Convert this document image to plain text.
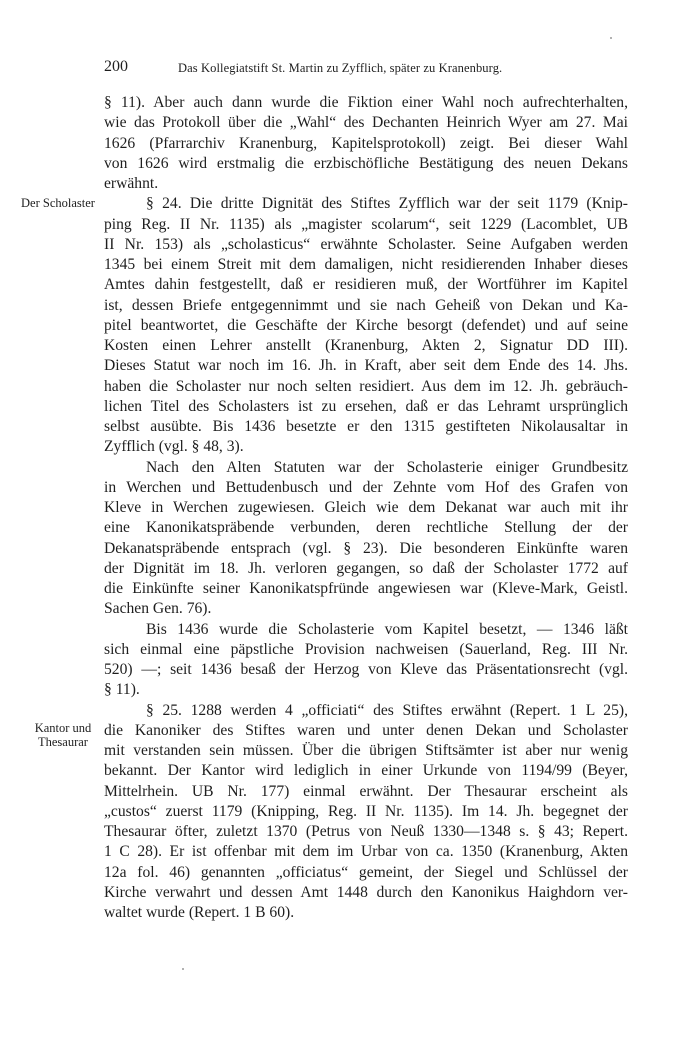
200	Das Kollegiatstift St. Martin zu Zyfflich, später zu Kranenburg.
Der Scholaster
Kantor und
Thesaurar
§ 11). Aber auch dann wurde die Fiktion einer Wahl noch aufrechterhalten,
wie das Protokoll über die „Wahl“ des Dechanten Heinrich Wyer am 27. Mai
1626 (Pfarrarchiv Kranenburg, Kapitelsprotokoll) zeigt. Bei dieser Wahl
von 1626 wird erstmalig die erzbischöfliche Bestätigung des neuen Dekans
erwähnt.
§ 24. Die dritte Dignität des Stiftes Zyfflich war der seit 1179 (Knip-
ping Reg. II Nr. 1135) als „magister scolarum“, seit 1229 (Lacomblet, UB
II Nr. 153) als „scholasticus“ erwähnte Scholaster. Seine Aufgaben werden
1345 bei einem Streit mit dem damaligen, nicht residierenden Inhaber dieses
Amtes dahin festgestellt, daß er residieren muß, der Wortführer im Kapitel
ist, dessen Briefe entgegennimmt und sie nach Geheiß von Dekan und Ka-
pitel beantwortet, die Geschäfte der Kirche besorgt (defendet) und auf seine
Kosten einen Lehrer anstellt (Kranenburg, Akten 2, Signatur DD III).
Dieses Statut war noch im 16. Jh. in Kraft, aber seit dem Ende des 14. Jhs.
haben die Scholaster nur noch selten residiert. Aus dem im 12. Jh. gebräuch-
lichen Titel des Scholasters ist zu ersehen, daß er das Lehramt ursprünglich
selbst ausübte. Bis 1436 besetzte er den 1315 gestifteten Nikolausaltar in
Zyfflich (vgl. § 48, 3).
Nach den Alten Statuten war der Scholasterie einiger Grundbesitz
in Werchen und Bettudenbusch und der Zehnte vom Hof des Grafen von
Kleve in Werchen zugewiesen. Gleich wie dem Dekanat war auch mit ihr
eine Kanonikatspräbende verbunden, deren rechtliche Stellung der der
Dekanatspräbende entsprach (vgl. § 23). Die besonderen Einkünfte waren
der Dignität im 18. Jh. verloren gegangen, so daß der Scholaster 1772 auf
die Einkünfte seiner Kanonikatspfründe angewiesen war (Kleve-Mark, Geistl.
Sachen Gen. 76).
Bis 1436 wurde die Scholasterie vom Kapitel besetzt, — 1346 läßt
sich einmal eine päpstliche Provision nachweisen (Sauerland, Reg. III Nr.
520) —; seit 1436 besaß der Herzog von Kleve das Präsentationsrecht (vgl.
§ 11).
§ 25. 1288 werden 4 „officiati“ des Stiftes erwähnt (Repert. 1 L 25),
die Kanoniker des Stiftes waren und unter denen Dekan und Scholaster
mit verstanden sein müssen. Über die übrigen Stiftsämter ist aber nur wenig
bekannt. Der Kantor wird lediglich in einer Urkunde von 1194/99 (Beyer,
Mittelrhein. UB Nr. 177) einmal erwähnt. Der Thesaurar erscheint als
„custos“ zuerst 1179 (Knipping, Reg. II Nr. 1135). Im 14. Jh. begegnet der
Thesaurar öfter, zuletzt 1370 (Petrus von Neuß 1330—1348 s. § 43; Repert.
1 C 28). Er ist offenbar mit dem im Urbar von ca. 1350 (Kranenburg, Akten
12a fol. 46) genannten „officiatus“ gemeint, der Siegel und Schlüssel der
Kirche verwahrt und dessen Amt 1448 durch den Kanonikus Haighdorn ver-
waltet wurde (Repert. 1 B 60).
